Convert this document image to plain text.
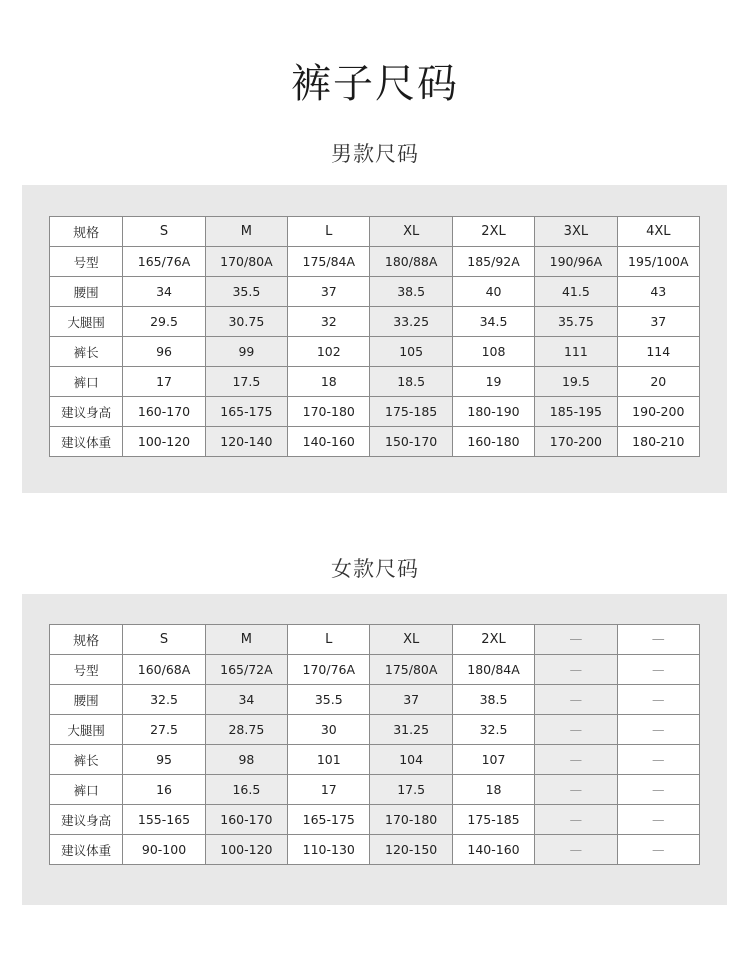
裤子尺码
男款尺码
规格	S	M	L	XL	2XL	3XL	4XL
号型	165/76A	170/80A	175/84A	180/88A	185/92A	190/96A	195/100A
腰围	34	35.5	37	38.5	40	41.5	43
大腿围	29.5	30.75	32	33.25	34.5	35.75	37
裤长	96	99	102	105	108	111	114
裤口	17	17.5	18	18.5	19	19.5	20
建议身高	160-170	165-175	170-180	175-185	180-190	185-195	190-200
建议体重	100-120	120-140	140-160	150-170	160-180	170-200	180-210
女款尺码
规格	S	M	L	XL	2XL	—	—
号型	160/68A	165/72A	170/76A	175/80A	180/84A	—	—
腰围	32.5	34	35.5	37	38.5	—	—
大腿围	27.5	28.75	30	31.25	32.5	—	—
裤长	95	98	101	104	107	—	—
裤口	16	16.5	17	17.5	18	—	—
建议身高	155-165	160-170	165-175	170-180	175-185	—	—
建议体重	90-100	100-120	110-130	120-150	140-160	—	—
